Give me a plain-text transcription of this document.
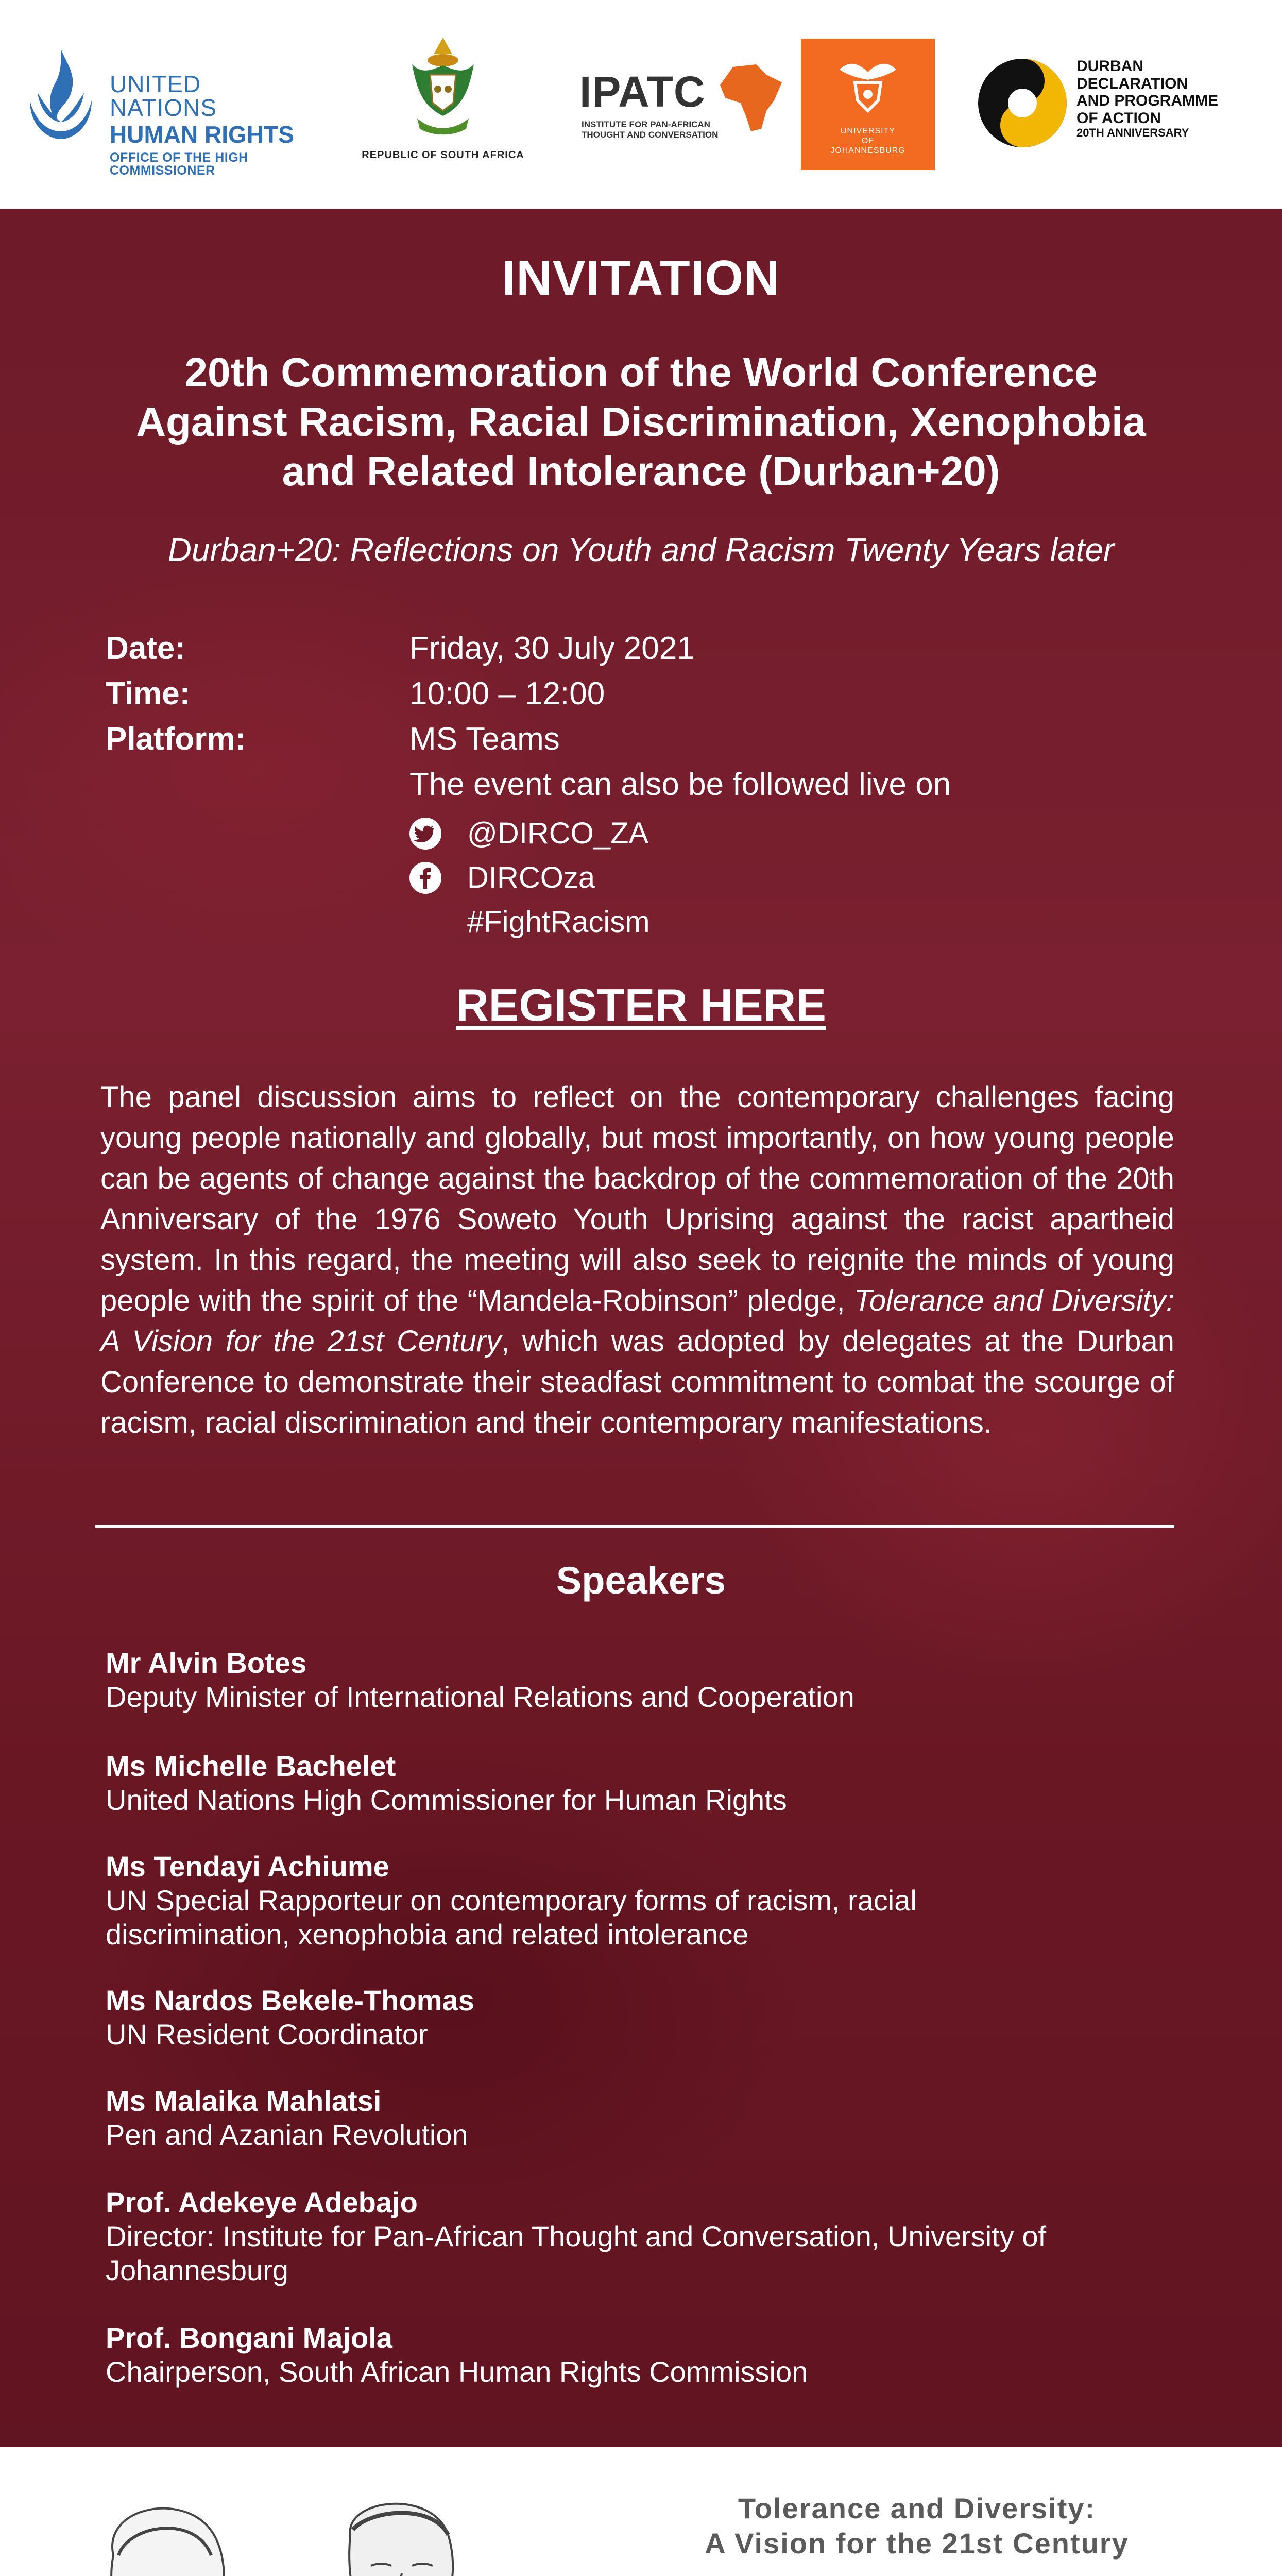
UNITED NATIONS
HUMAN RIGHTS
OFFICE OF THE HIGH COMMISSIONER
REPUBLIC OF SOUTH AFRICA
IPATC
INSTITUTE FOR PAN-AFRICAN
THOUGHT AND CONVERSATION	UNIVERSITY
OF
JOHANNESBURG
DURBAN
DECLARATION
AND PROGRAMME
OF ACTION
20TH ANNIVERSARY
INVITATION
20th Commemoration of the World Conference
Against Racism, Racial Discrimination, Xenophobia
and Related Intolerance (Durban+20)
Durban+20: Reflections on Youth and Racism Twenty Years later
Date:	Friday, 30 July 2021
Time:	10:00 – 12:00
Platform:	MS Teams
The event can also be followed live on
@DIRCO_ZA
DIRCOza
#FightRacism
REGISTER HERE
The panel discussion aims to reflect on the contemporary challenges facing young people nationally and globally, but most importantly, on how young people can be agents of change against the backdrop of the commemoration of the 20th Anniversary of the 1976 Soweto Youth Uprising against the racist apartheid system. In this regard, the meeting will also seek to reignite the minds of young people with the spirit of the “Mandela-Robinson” pledge, Tolerance and Diversity: A Vision for the 21st Century, which was adopted by delegates at the Durban Conference to demonstrate their steadfast commitment to combat the scourge of racism, racial discrimination and their contemporary manifestations.
Speakers
Mr Alvin Botes
Deputy Minister of International Relations and Cooperation
Ms Michelle Bachelet
United Nations High Commissioner for Human Rights
Ms Tendayi Achiume
UN Special Rapporteur on contemporary forms of racism, racial
discrimination, xenophobia and related intolerance
Ms Nardos Bekele-Thomas
UN Resident Coordinator
Ms Malaika Mahlatsi
Pen and Azanian Revolution
Prof. Adekeye Adebajo
Director: Institute for Pan-African Thought and Conversation, University of
Johannesburg
Prof. Bongani Majola
Chairperson, South African Human Rights Commission
Tolerance and Diversity:
A Vision for the 21st Century
